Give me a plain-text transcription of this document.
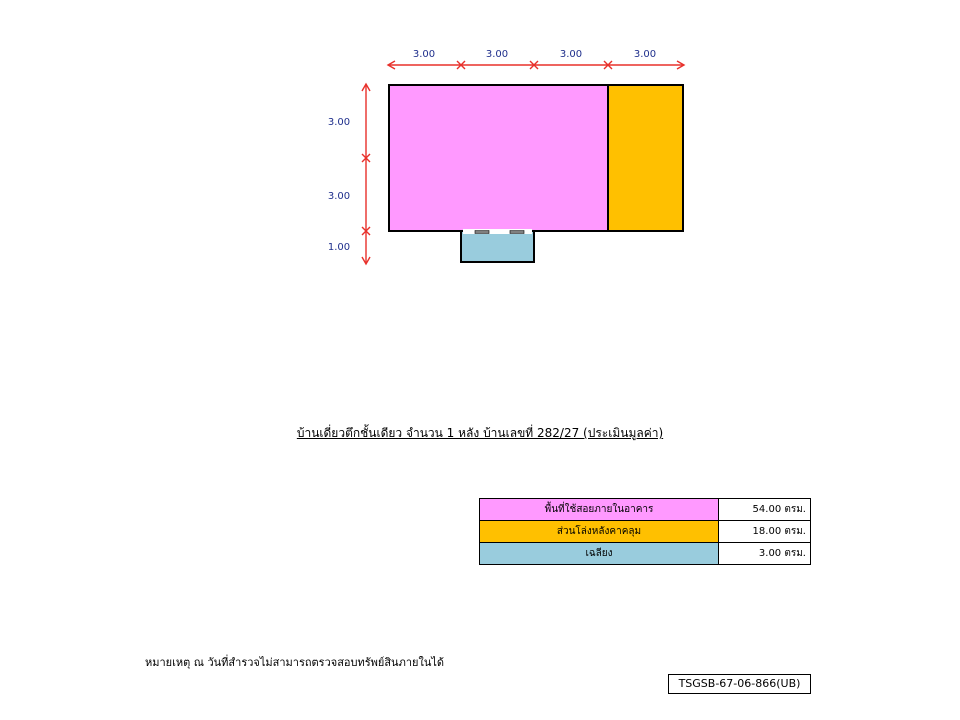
3.00	3.00	3.00	3.00
3.00
3.00
1.00
บ้านเดี่ยวตึกชั้นเดียว จำนวน 1 หลัง บ้านเลขที่ 282/27 (ประเมินมูลค่า)
พื้นที่ใช้สอยภายในอาคาร	54.00 ตรม.
ส่วนโล่งหลังคาคลุม	18.00 ตรม.
เฉลียง	3.00 ตรม.
หมายเหตุ ณ วันที่สำรวจไม่สามารถตรวจสอบทรัพย์สินภายในได้
TSGSB-67-06-866(UB)
